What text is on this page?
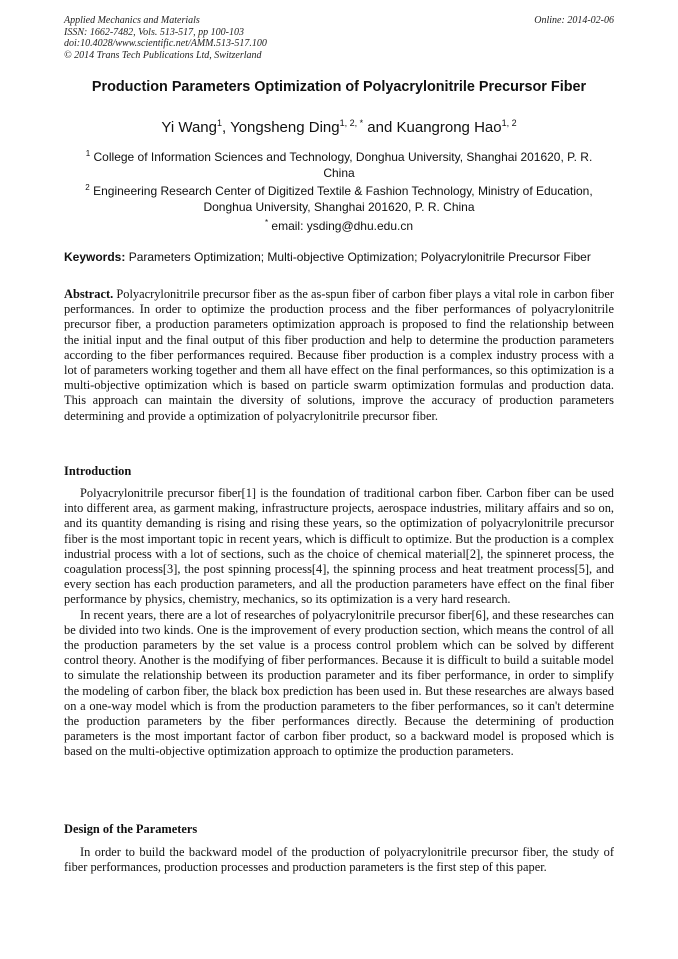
Applied Mechanics and Materials
ISSN: 1662-7482, Vols. 513-517, pp 100-103
doi:10.4028/www.scientific.net/AMM.513-517.100
© 2014 Trans Tech Publications Ltd, Switzerland
Online: 2014-02-06
Production Parameters Optimization of Polyacrylonitrile Precursor Fiber
Yi Wang$^1$, Yongsheng Ding$^{1, 2, *}$ and Kuangrong Hao$^{1, 2}$
$^1$ College of Information Sciences and Technology, Donghua University, Shanghai 201620, P. R. China
$^2$ Engineering Research Center of Digitized Textile & Fashion Technology, Ministry of Education, Donghua University, Shanghai 201620, P. R. China
* email: ysding@dhu.edu.cn
Keywords: Parameters Optimization; Multi-objective Optimization; Polyacrylonitrile Precursor Fiber
Abstract. Polyacrylonitrile precursor fiber as the as-spun fiber of carbon fiber plays a vital role in carbon fiber performances. In order to optimize the production process and the fiber performances of polyacrylonitrile precursor fiber, a production parameters optimization approach is proposed to find the relationship between the initial input and the final output of this fiber production and help to determine the production parameters according to the fiber performances required. Because fiber production is a complex industry process with a lot of parameters working together and them all have effect on the final performances, so this optimization is a multi-objective optimization which is based on particle swarm optimization formulas and production data. This approach can maintain the diversity of solutions, improve the accuracy of production parameters determining and provide a optimization of polyacrylonitrile precursor fiber.
Introduction

Polyacrylonitrile precursor fiber[1] is the foundation of traditional carbon fiber. Carbon fiber can be used into different area, as garment making, infrastructure projects, aerospace industries, military affairs and so on, and its quantity demanding is rising and rising these years, so the optimization of polyacrylonitrile precursor fiber is the most important topic in recent years, which is difficult to optimize. But the production is a complex industrial process with a lot of sections, such as the choice of chemical material[2], the spinneret process, the coagulation process[3], the post spinning process[4], the spinning process and heat treatment process[5], and every section has each production parameters, and all the production parameters have effect on the final fiber performance by physics, chemistry, mechanics, so its optimization is a very hard research.

In recent years, there are a lot of researches of polyacrylonitrile precursor fiber[6], and these researches can be divided into two kinds. One is the improvement of every production section, which means the control of all the production parameters by the set value is a process control problem which can be solved by different control theory. Another is the modifying of fiber performances. Because it is difficult to build a suitable model to simulate the relationship between its production parameter and its fiber performance, in order to simplify the modeling of carbon fiber, the black box prediction has been used in. But these researches are always based on a one-way model which is from the production parameters to the fiber performances, so it can't determine the production parameters by the fiber performances directly. Because the determining of production parameters is the most important factor of carbon fiber product, so a backward model is proposed which is based on the multi-objective optimization approach to optimize the production parameters.

Design of the Parameters

In order to build the backward model of the production of polyacrylonitrile precursor fiber, the study of fiber performances, production processes and production parameters is the first step of this paper.
